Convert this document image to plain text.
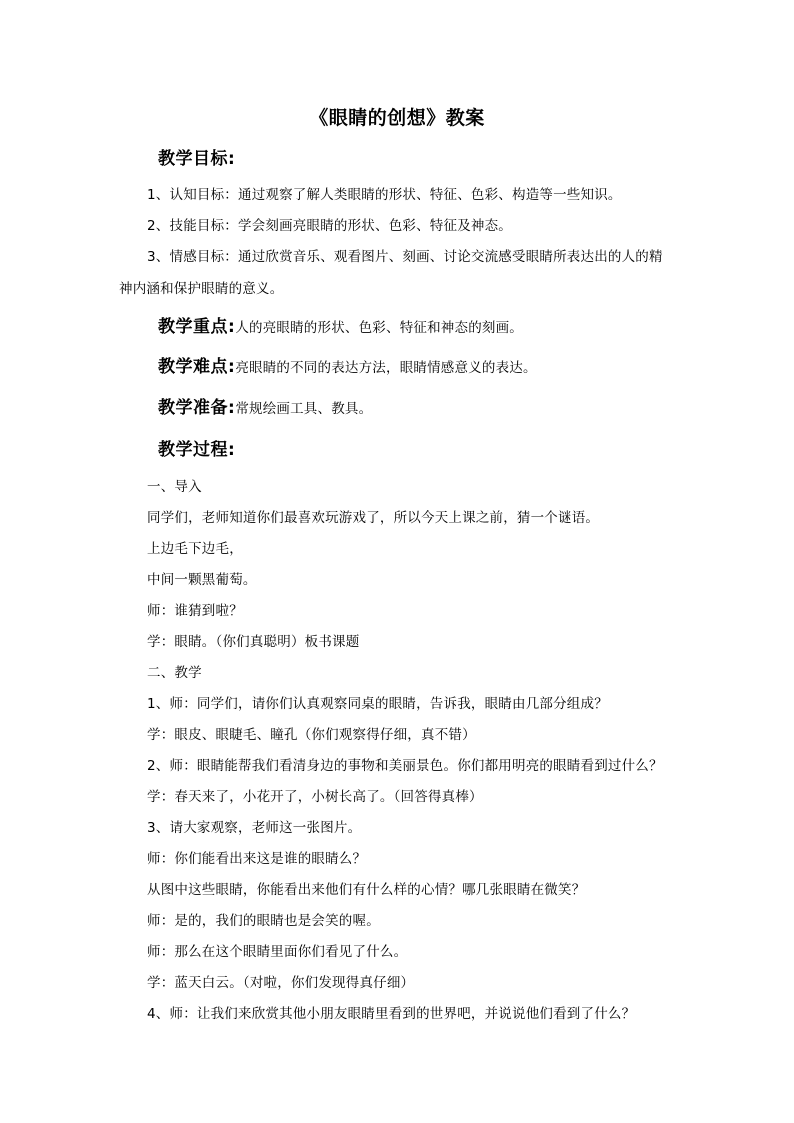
《眼睛的创想》教案
教学目标:
1、认知目标：通过观察了解人类眼睛的形状、特征、色彩、构造等一些知识。
2、技能目标：学会刻画亮眼睛的形状、色彩、特征及神态。
3、情感目标：通过欣赏音乐、观看图片、刻画、讨论交流感受眼睛所表达出的人的精
神内涵和保护眼睛的意义。
教学重点:人的亮眼睛的形状、色彩、特征和神态的刻画。
教学难点:亮眼睛的不同的表达方法，眼睛情感意义的表达。
教学准备:常规绘画工具、教具。
教学过程:
一、导入
同学们，老师知道你们最喜欢玩游戏了，所以今天上课之前，猜一个谜语。
上边毛下边毛，
中间一颗黑葡萄。
师：谁猜到啦？
学：眼睛。（你们真聪明）板书课题
二、教学
1、师：同学们，请你们认真观察同桌的眼睛，告诉我，眼睛由几部分组成？
学：眼皮、眼睫毛、瞳孔（你们观察得仔细，真不错）
2、师：眼睛能帮我们看清身边的事物和美丽景色。你们都用明亮的眼睛看到过什么？
学：春天来了，小花开了，小树长高了。（回答得真棒）
3、请大家观察，老师这一张图片。
师：你们能看出来这是谁的眼睛么？
从图中这些眼睛，你能看出来他们有什么样的心情？哪几张眼睛在微笑？
师：是的，我们的眼睛也是会笑的喔。
师：那么在这个眼睛里面你们看见了什么。
学：蓝天白云。（对啦，你们发现得真仔细）
4、师：让我们来欣赏其他小朋友眼睛里看到的世界吧，并说说他们看到了什么？
